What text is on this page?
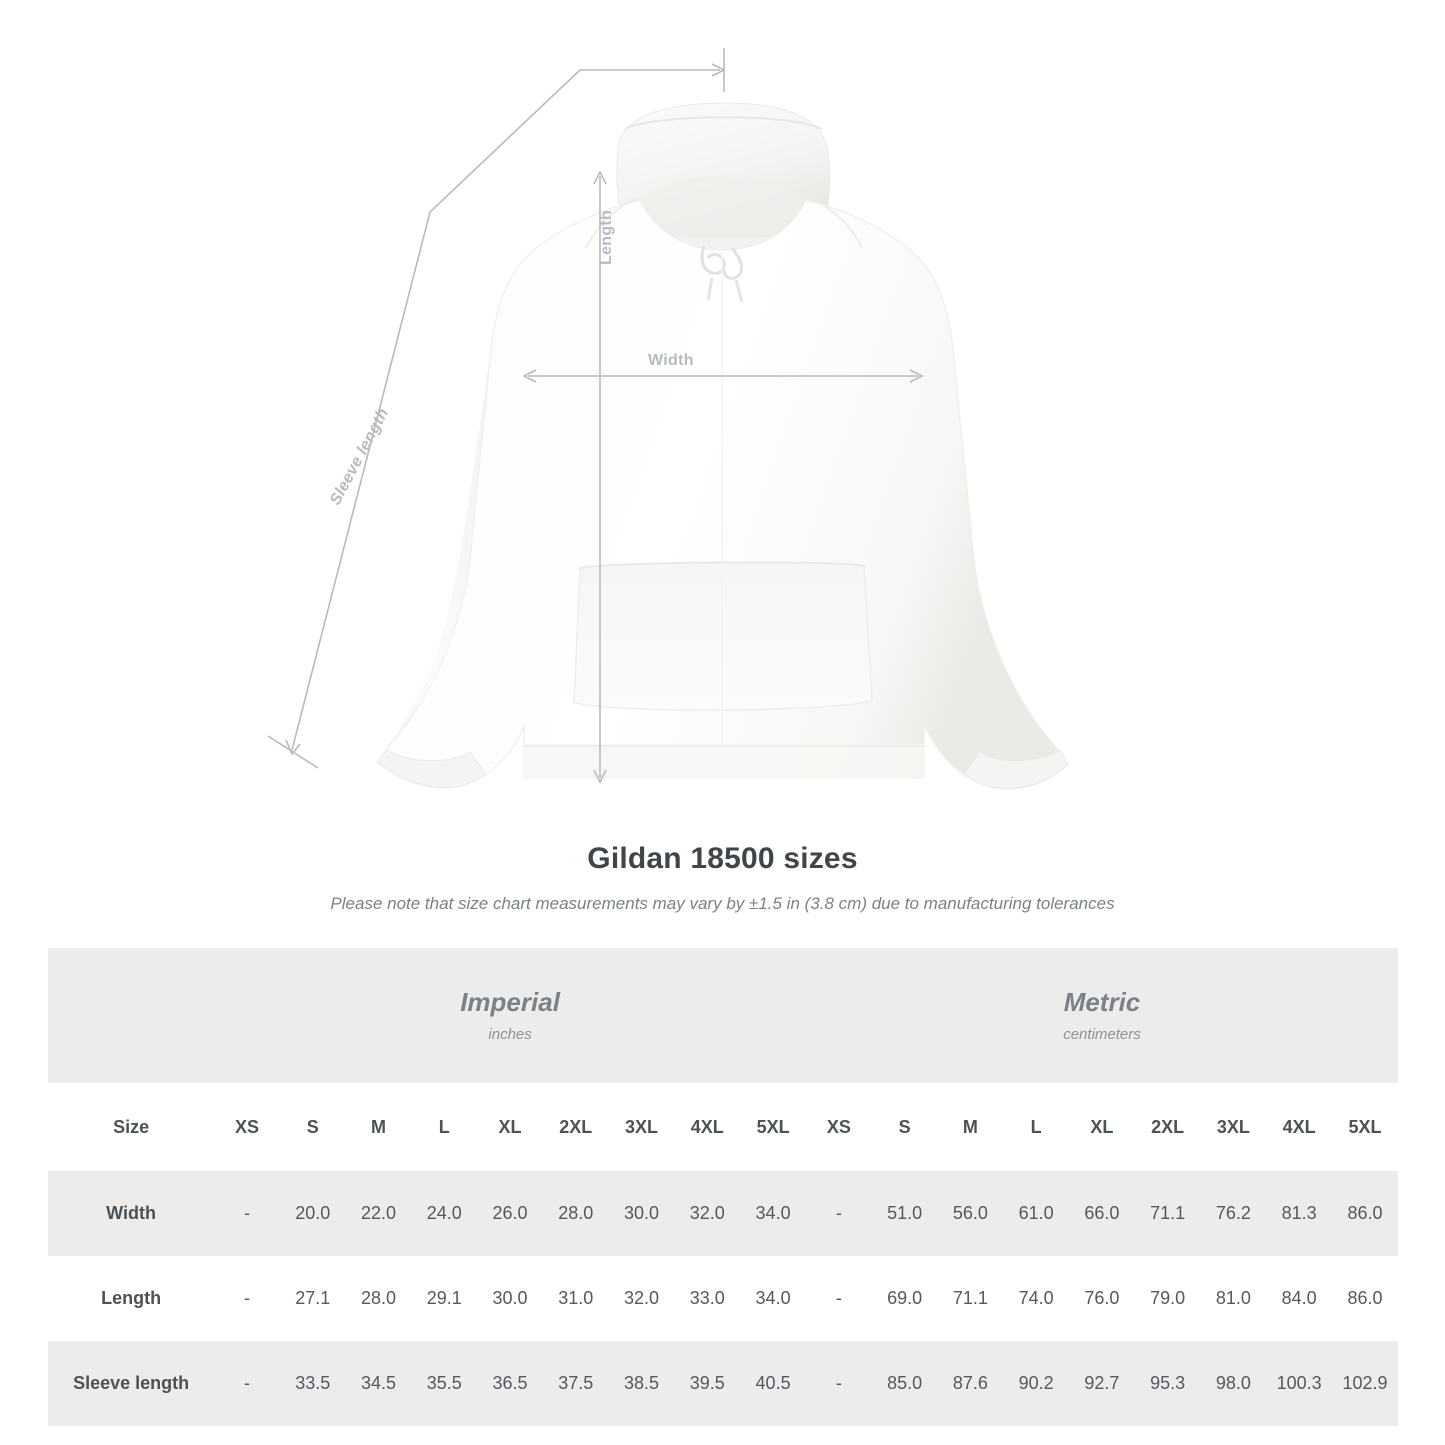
Length
Width
Sleeve length
Gildan 18500 sizes

Please note that size chart measurements may vary by ±1.5 in (3.8 cm) due to manufacturing tolerances

Imperial
inches

Metric
centimeters

Size	XS	S	M	L	XL	2XL	3XL	4XL	5XL	XS	S	M	L	XL	2XL	3XL	4XL	5XL
Width	-	20.0	22.0	24.0	26.0	28.0	30.0	32.0	34.0	-	51.0	56.0	61.0	66.0	71.1	76.2	81.3	86.0
Length	-	27.1	28.0	29.1	30.0	31.0	32.0	33.0	34.0	-	69.0	71.1	74.0	76.0	79.0	81.0	84.0	86.0
Sleeve length	-	33.5	34.5	35.5	36.5	37.5	38.5	39.5	40.5	-	85.0	87.6	90.2	92.7	95.3	98.0	100.3	102.9
